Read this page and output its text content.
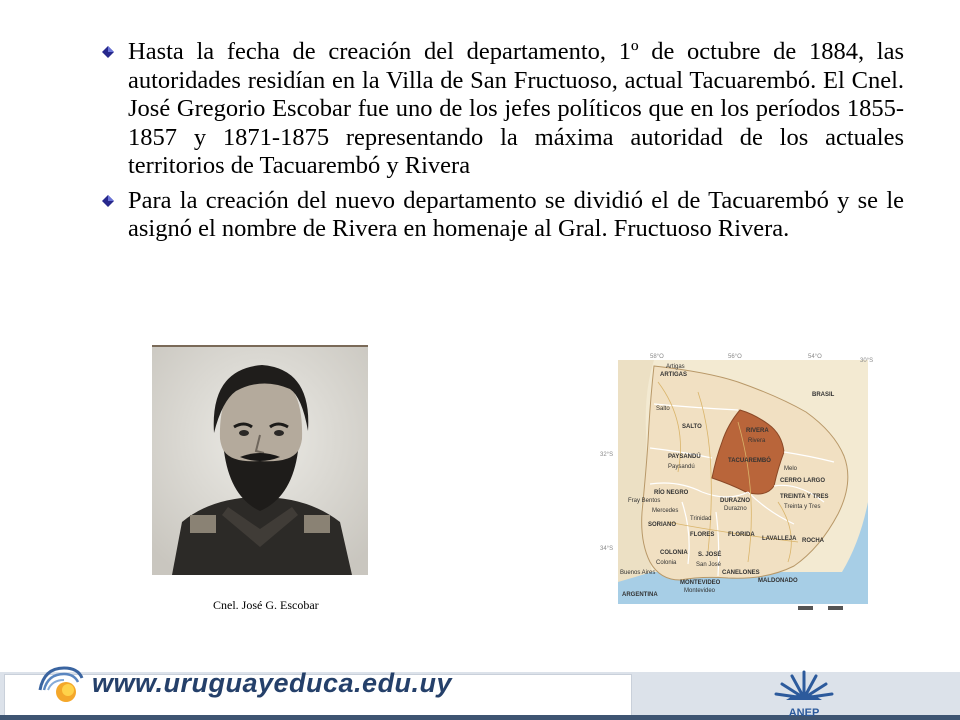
Hasta la fecha de creación del departamento, 1º de octubre de 1884, las autoridades residían en la Villa de San Fructuoso, actual Tacuarembó. El Cnel. José Gregorio Escobar fue uno de los jefes políticos que en los períodos 1855-1857 y 1871-1875 representando la máxima autoridad de los actuales territorios de Tacuarembó y Rivera
Para la creación del nuevo departamento se dividió el de Tacuarembó y se le asignó el nombre de Rivera en homenaje al Gral. Fructuoso Rivera.
Cnel. José G. Escobar
Artigas
ARTIGAS
BRASIL
Salto
SALTO
RIVERA
Rivera
PAYSANDÚ
Paysandú
TACUAREMBÓ
RÍO NEGRO
Fray Bentos
Melo
CERRO LARGO
TREINTA Y TRES
Treinta y Tres
DURAZNO
Durazno
Mercedes
SORIANO
Trinidad
FLORES FLORIDA
LAVALLEJA ROCHA
COLONIA
Colonia
S. JOSÉ
San José
CANELONES
MALDONADO
MONTEVIDEO
Montevideo
Buenos Aires
ARGENTINA
58°O	56°O	54°O
32°S
34°S
30°S
www.uruguayeduca.edu.uy
ANEP
